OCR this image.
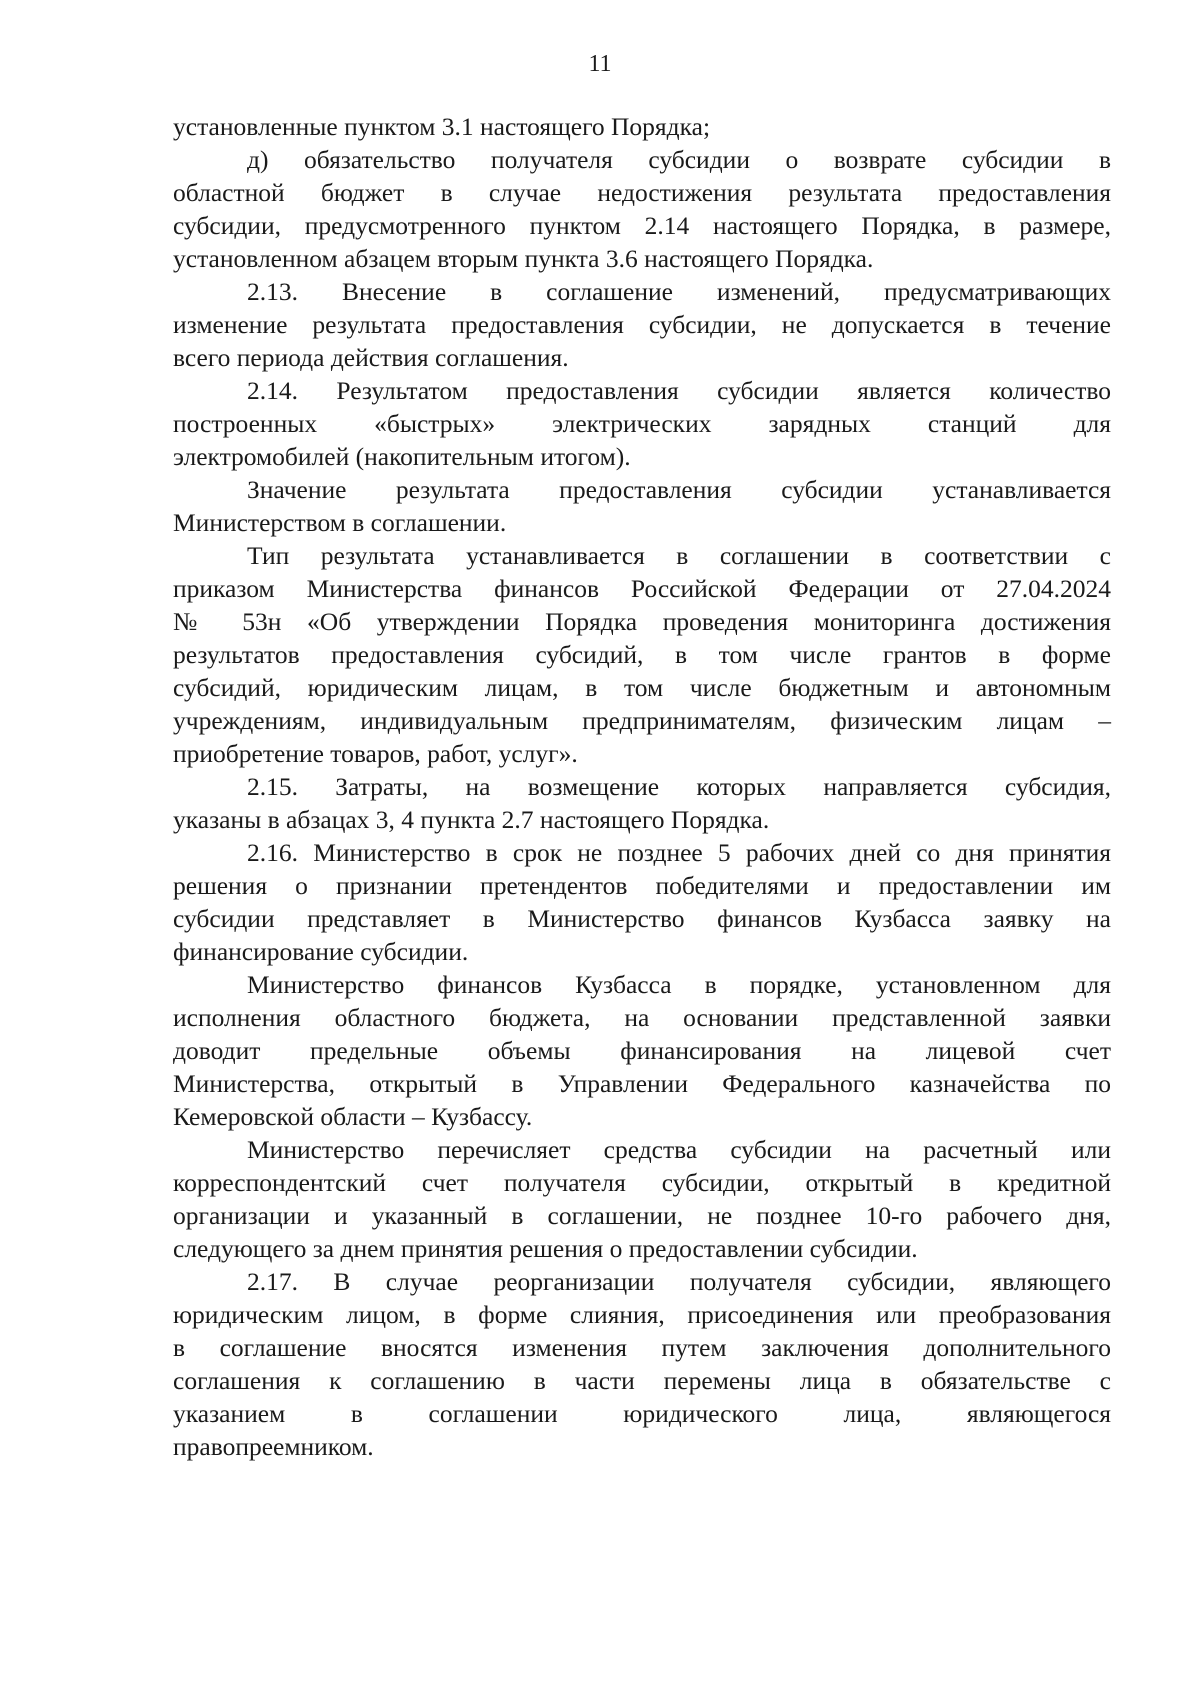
11
установленные пунктом 3.1 настоящего Порядка;
д) обязательство получателя субсидии о возврате субсидии в
областной бюджет в случае недостижения результата предоставления
субсидии, предусмотренного пунктом 2.14 настоящего Порядка, в размере,
установленном абзацем вторым пункта 3.6 настоящего Порядка.
2.13. Внесение в соглашение изменений, предусматривающих
изменение результата предоставления субсидии, не допускается в течение
всего периода действия соглашения.
2.14. Результатом предоставления субсидии является количество
построенных «быстрых» электрических зарядных станций для
электромобилей (накопительным итогом).
Значение результата предоставления субсидии устанавливается
Министерством в соглашении.
Тип результата устанавливается в соглашении в соответствии с
приказом Министерства финансов Российской Федерации от 27.04.2024
№ 53н «Об утверждении Порядка проведения мониторинга достижения
результатов предоставления субсидий, в том числе грантов в форме
субсидий, юридическим лицам, в том числе бюджетным и автономным
учреждениям, индивидуальным предпринимателям, физическим лицам –
приобретение товаров, работ, услуг».
2.15. Затраты, на возмещение которых направляется субсидия,
указаны в абзацах 3, 4 пункта 2.7 настоящего Порядка.
2.16. Министерство в срок не позднее 5 рабочих дней со дня принятия
решения о признании претендентов победителями и предоставлении им
субсидии представляет в Министерство финансов Кузбасса заявку на
финансирование субсидии.
Министерство финансов Кузбасса в порядке, установленном для
исполнения областного бюджета, на основании представленной заявки
доводит предельные объемы финансирования на лицевой счет
Министерства, открытый в Управлении Федерального казначейства по
Кемеровской области – Кузбассу.
Министерство перечисляет средства субсидии на расчетный или
корреспондентский счет получателя субсидии, открытый в кредитной
организации и указанный в соглашении, не позднее 10-го рабочего дня,
следующего за днем принятия решения о предоставлении субсидии.
2.17. В случае реорганизации получателя субсидии, являющего
юридическим лицом, в форме слияния, присоединения или преобразования
в соглашение вносятся изменения путем заключения дополнительного
соглашения к соглашению в части перемены лица в обязательстве с
указанием в соглашении юридического лица, являющегося
правопреемником.
